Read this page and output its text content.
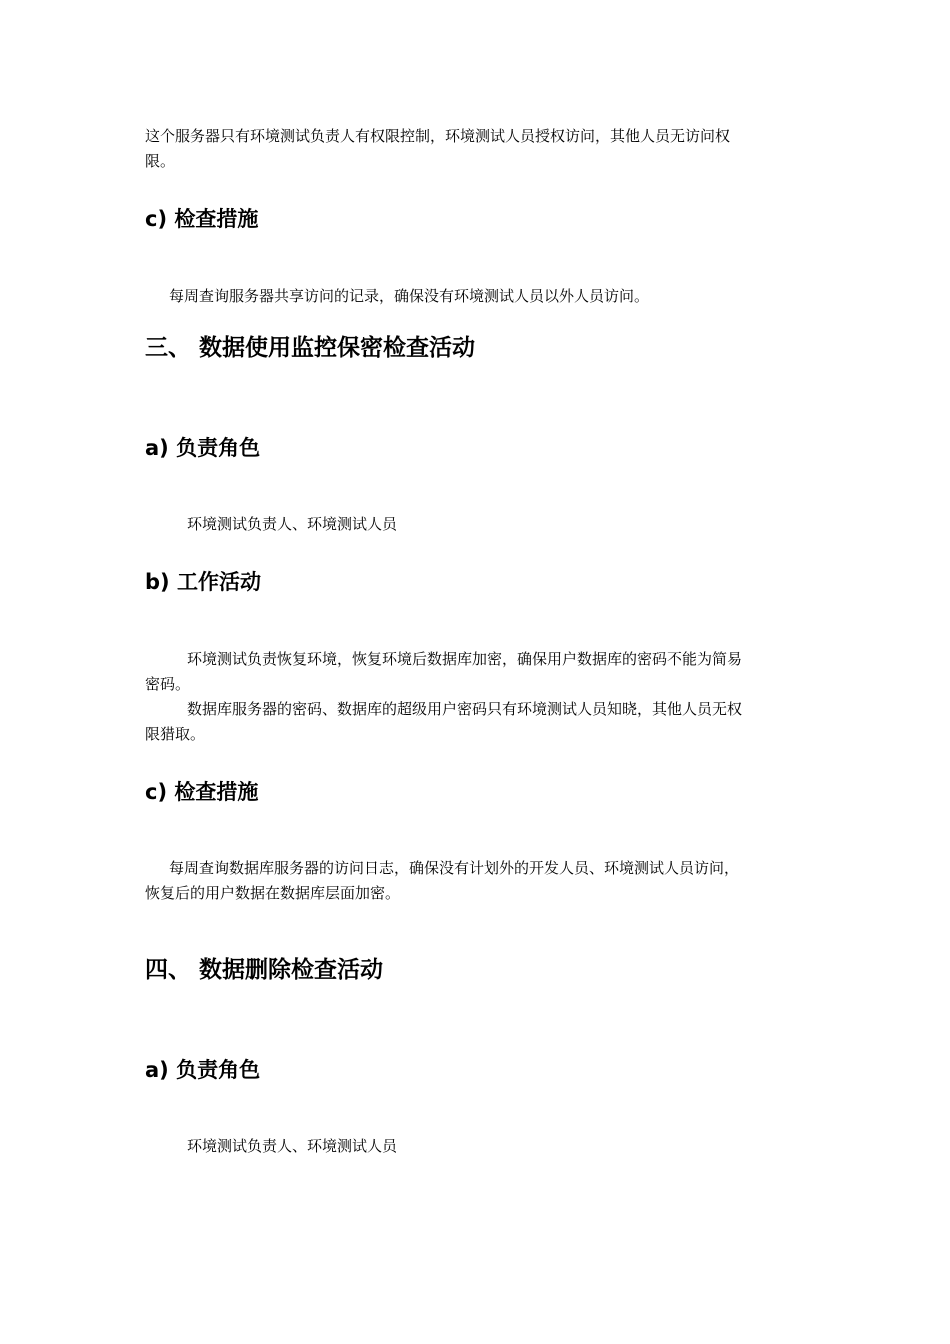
这个服务器只有环境测试负责人有权限控制，环境测试人员授权访问，其他人员无访问权
限。

c) 检查措施

每周查询服务器共享访问的记录，确保没有环境测试人员以外人员访问。

三、 数据使用监控保密检查活动
a) 负责角色

环境测试负责人、环境测试人员

b) 工作活动

环境测试负责恢复环境，恢复环境后数据库加密，确保用户数据库的密码不能为简易
密码。
数据库服务器的密码、数据库的超级用户密码只有环境测试人员知晓，其他人员无权
限猎取。

c) 检查措施

每周查询数据库服务器的访问日志，确保没有计划外的开发人员、环境测试人员访问，
恢复后的用户数据在数据库层面加密。

四、 数据删除检查活动
a) 负责角色

环境测试负责人、环境测试人员
